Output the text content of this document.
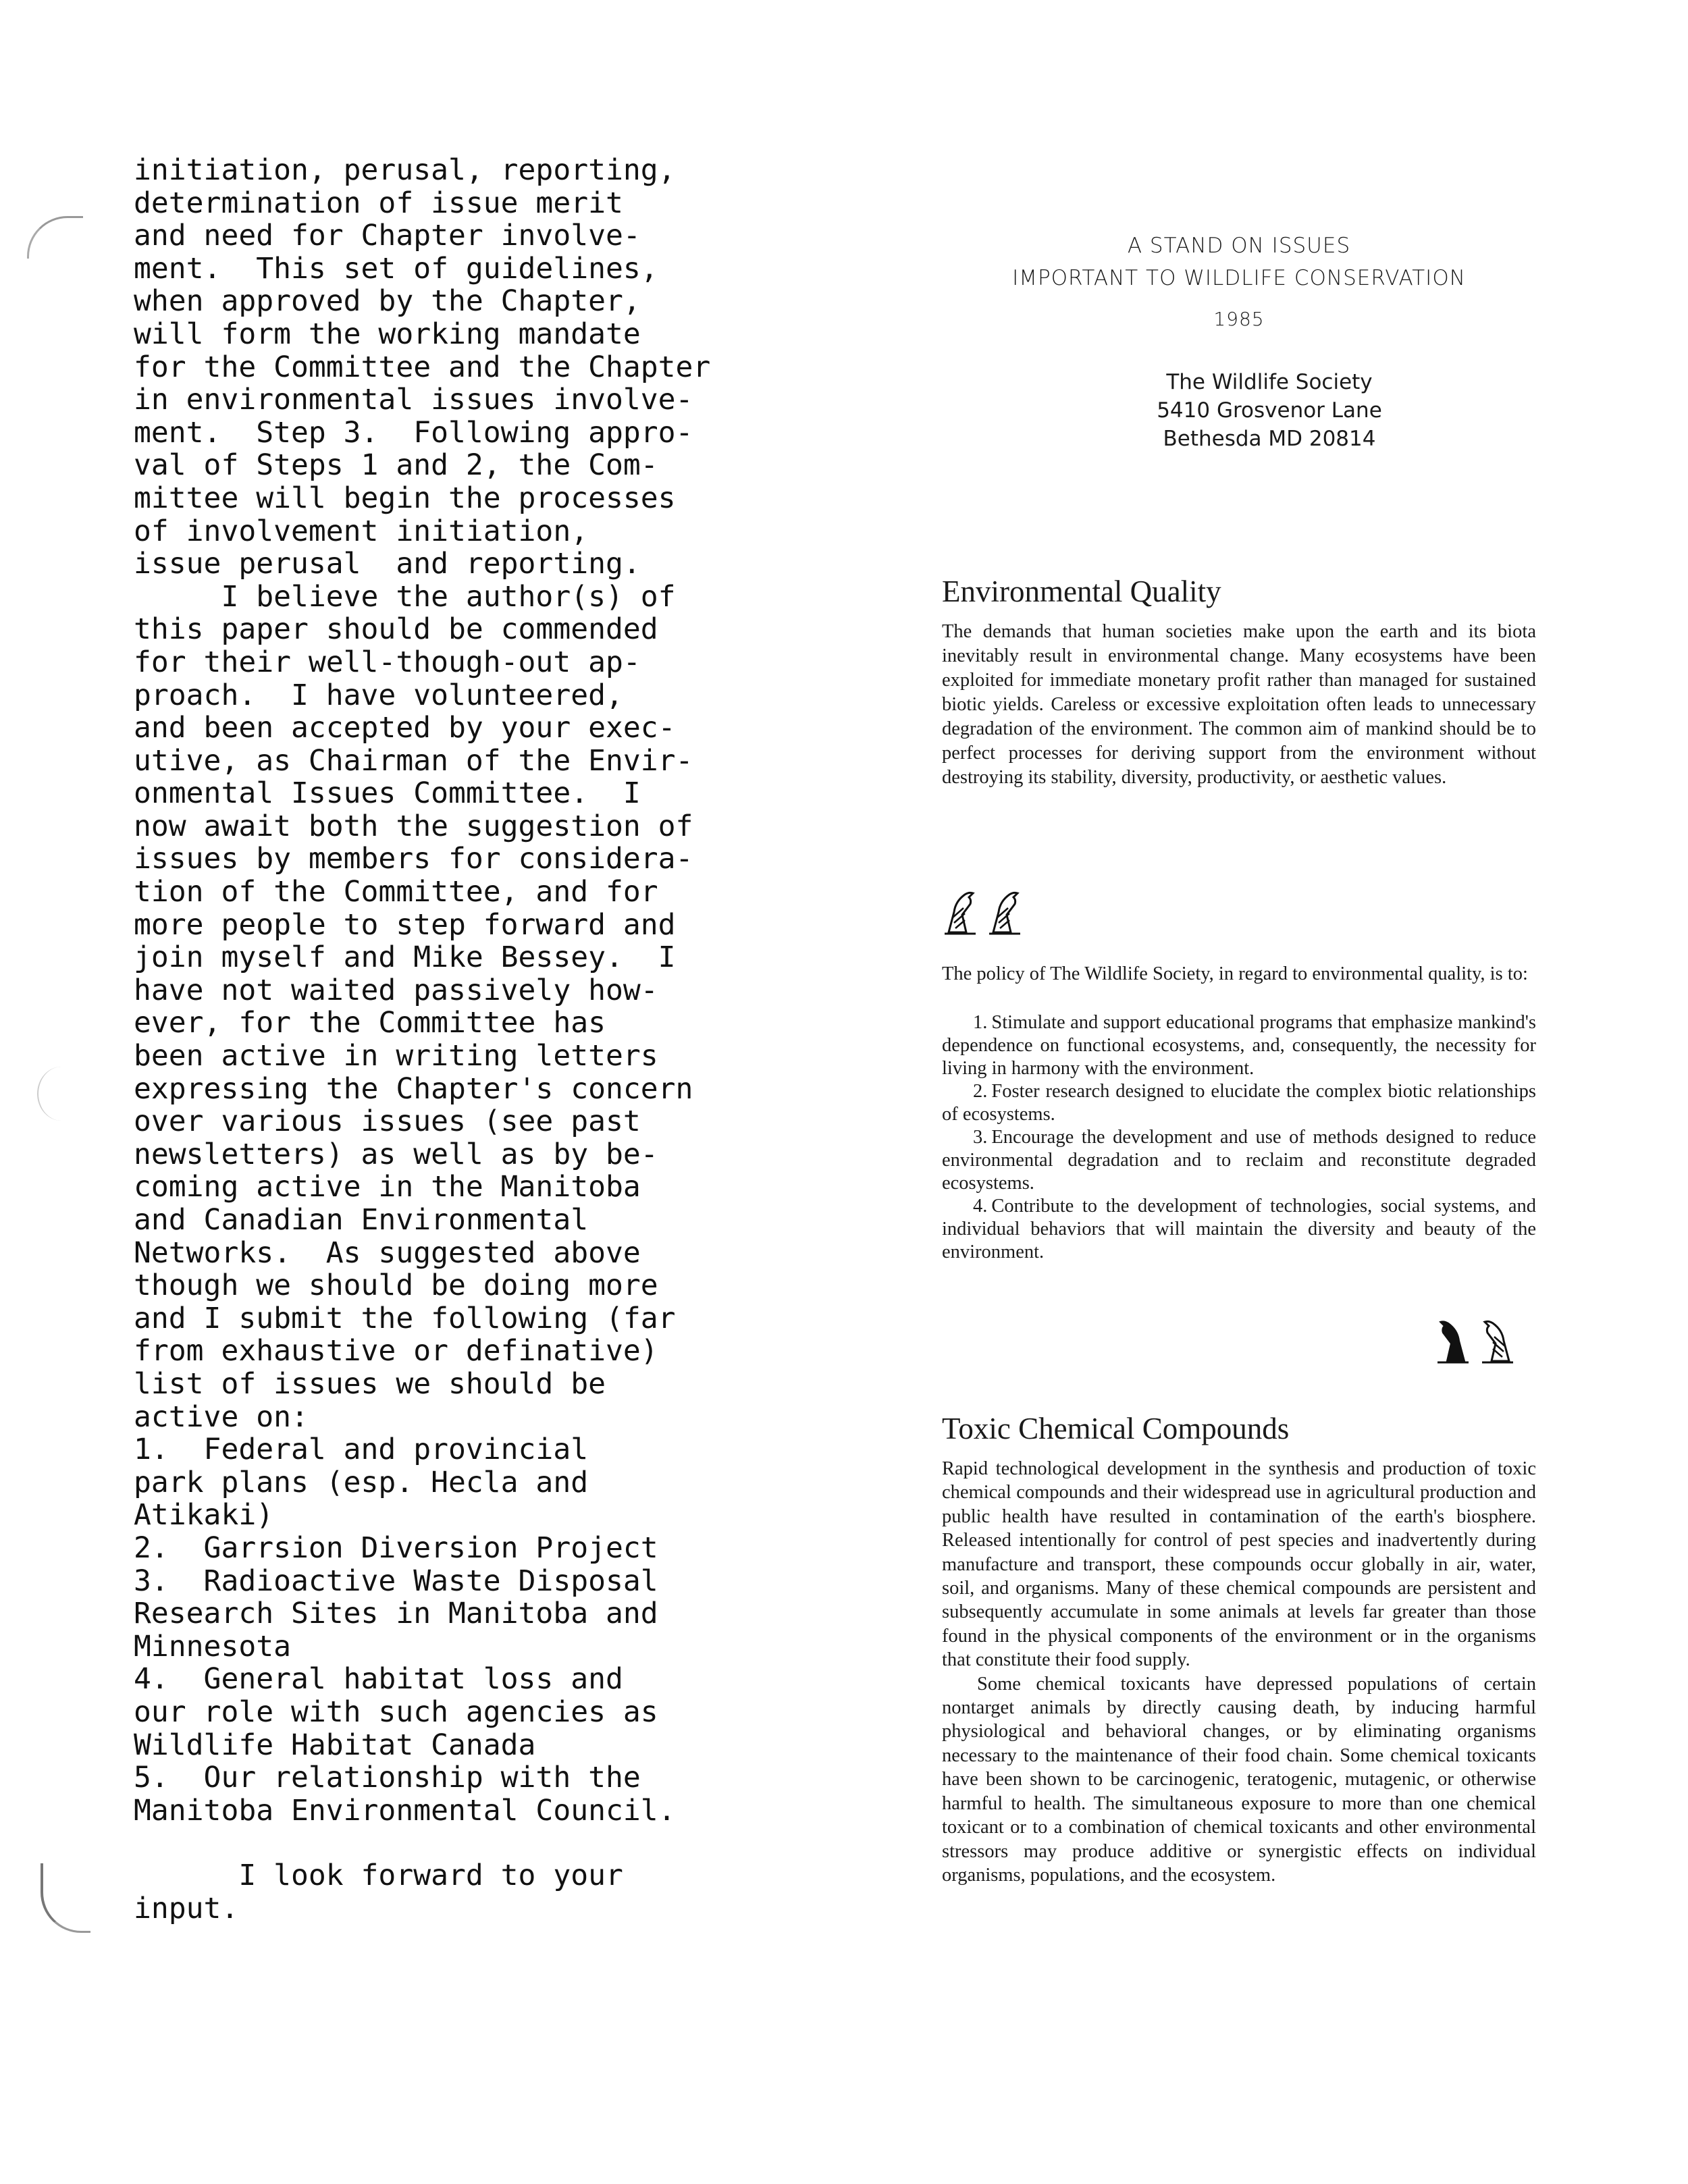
initiation, perusal, reporting,
determination of issue merit
and need for Chapter involve-
ment.  This set of guidelines,
when approved by the Chapter,
will form the working mandate
for the Committee and the Chapter
in environmental issues involve-
ment.  Step 3.  Following appro-
val of Steps 1 and 2, the Com-
mittee will begin the processes
of involvement initiation,
issue perusal  and reporting.
I believe the author(s) of
this paper should be commended
for their well-though-out ap-
proach.  I have volunteered,
and been accepted by your exec-
utive, as Chairman of the Envir-
onmental Issues Committee.  I
now await both the suggestion of
issues by members for considera-
tion of the Committee, and for
more people to step forward and
join myself and Mike Bessey.  I
have not waited passively how-
ever, for the Committee has
been active in writing letters
expressing the Chapter's concern
over various issues (see past
newsletters) as well as by be-
coming active in the Manitoba
and Canadian Environmental
Networks.  As suggested above
though we should be doing more
and I submit the following (far
from exhaustive or definative)
list of issues we should be
active on:
1.  Federal and provincial
park plans (esp. Hecla and
Atikaki)
2.  Garrsion Diversion Project
3.  Radioactive Waste Disposal
Research Sites in Manitoba and
Minnesota
4.  General habitat loss and
our role with such agencies as
Wildlife Habitat Canada
5.  Our relationship with the
Manitoba Environmental Council.
I look forward to your
input.
A STAND ON ISSUES
IMPORTANT TO WILDLIFE CONSERVATION
1985
The Wildlife Society
5410 Grosvenor Lane
Bethesda MD 20814
Environmental Quality

The demands that human societies make upon the earth and its biota inevitably result in environmental change. Many ecosystems have been exploited for immediate monetary profit rather than managed for sustained biotic yields. Careless or excessive exploitation often leads to unnecessary degradation of the environment. The common aim of mankind should be to perfect processes for deriving support from the environment without destroying its stability, diversity, productivity, or aesthetic values.

The policy of The Wildlife Society, in regard to environmental quality, is to:

1. Stimulate and support educational programs that emphasize mankind's dependence on functional ecosystems, and, consequently, the necessity for living in harmony with the environment.

2. Foster research designed to elucidate the complex biotic relationships of ecosystems.

3. Encourage the development and use of methods designed to reduce environmental degradation and to reclaim and reconstitute degraded ecosystems.

4. Contribute to the development of technologies, social systems, and individual behaviors that will maintain the diversity and beauty of the environment.

Toxic Chemical Compounds

Rapid technological development in the synthesis and production of toxic chemical compounds and their widespread use in agricultural production and public health have resulted in contamination of the earth's biosphere. Released intentionally for control of pest species and inadvertently during manufacture and transport, these compounds occur globally in air, water, soil, and organisms. Many of these chemical compounds are persistent and subsequently accumulate in some animals at levels far greater than those found in the physical components of the environment or in the organisms that constitute their food supply.

Some chemical toxicants have depressed populations of certain nontarget animals by directly causing death, by inducing harmful physiological and behavioral changes, or by eliminating organisms necessary to the maintenance of their food chain. Some chemical toxicants have been shown to be carcinogenic, teratogenic, mutagenic, or otherwise harmful to health. The simultaneous exposure to more than one chemical toxicant or to a combination of chemical toxicants and other environmental stressors may produce additive or synergistic effects on individual organisms, populations, and the ecosystem.
